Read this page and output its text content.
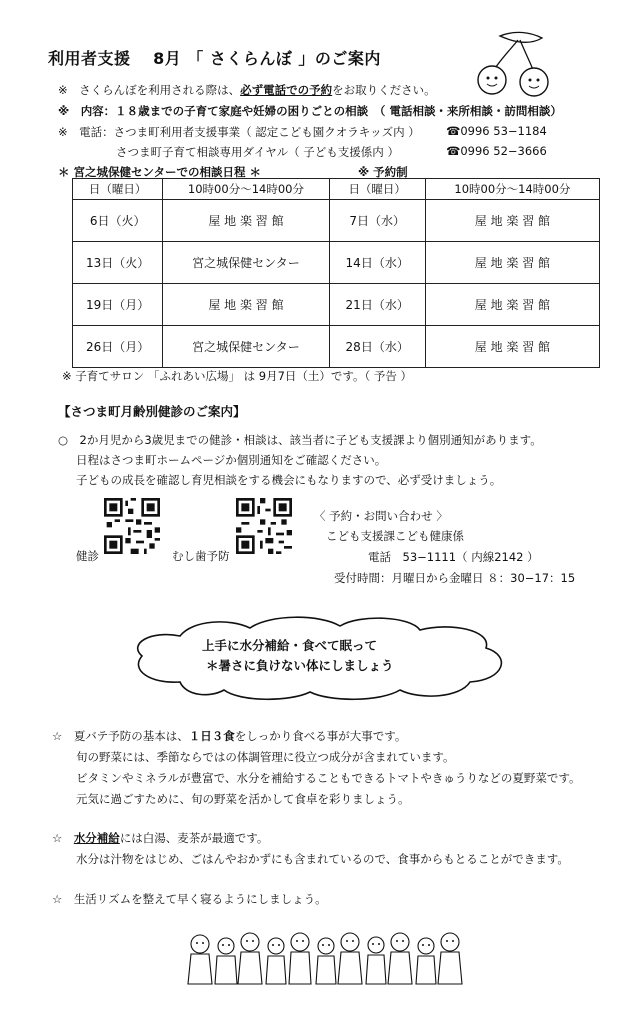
利用者支援　 8月 「 さくらんぼ 」のご案内
※　 さくらんぼを利用される際は、必ず電話での予約をお取りください。
※　 内容：１８歳までの子育て家庭や妊婦の困りごとの相談　（ 電話相談・来所相談・訪問相談）
※　 電話：さつま町利用者支援事業（ 認定こども園クオラキッズ内 ） ☎0996 53−1184
さつま町子育て相談専用ダイヤル（ 子ども支援係内 ）	☎0996 52−3666
＊ 宮之城保健センターでの相談日程 ＊	※ 予約制
日（曜日）	10時00分〜14時00分	日（曜日）	10時00分〜14時00分
6日（火）	屋 地 楽 習 館	7日（水）	屋 地 楽 習 館
13日（火）	宮之城保健センター	14日（水）	屋 地 楽 習 館
19日（月）	屋 地 楽 習 館	21日（水）	屋 地 楽 習 館
26日（月）	宮之城保健センター	28日（水）	屋 地 楽 習 館
※ 子育てサロン 「ふれあい広場」 は 9月7日（土）です。（ 予告 ）
【さつま町月齢別健診のご案内】
○　 2か月児から3歳児までの健診・相談は、該当者に子ども支援課より個別通知があります。
日程はさつま町ホームページか個別通知をご確認ください。
子どもの成長を確認し育児相談をする機会にもなりますので、必ず受けましょう。
健診	むし歯予防
〈 予約・お問い合わせ 〉
こども支援課こども健康係
電話　53−1111（ 内線2142 ）
受付時間：月曜日から金曜日 ８：30−17：15
上手に水分補給・食べて眠って
＊暑さに負けない体にしましょう
☆　 夏バテ予防の基本は、１日３食をしっかり食べる事が大事です。
旬の野菜には、季節ならではの体調管理に役立つ成分が含まれています。
ビタミンやミネラルが豊富で、水分を補給することもできるトマトやきゅうりなどの夏野菜です。
元気に過ごすために、旬の野菜を活かして食卓を彩りましょう。
☆　 水分補給には白湯、麦茶が最適です。
水分は汁物をはじめ、ごはんやおかずにも含まれているので、食事からもとることができます。
☆　 生活リズムを整えて早く寝るようにしましょう。
